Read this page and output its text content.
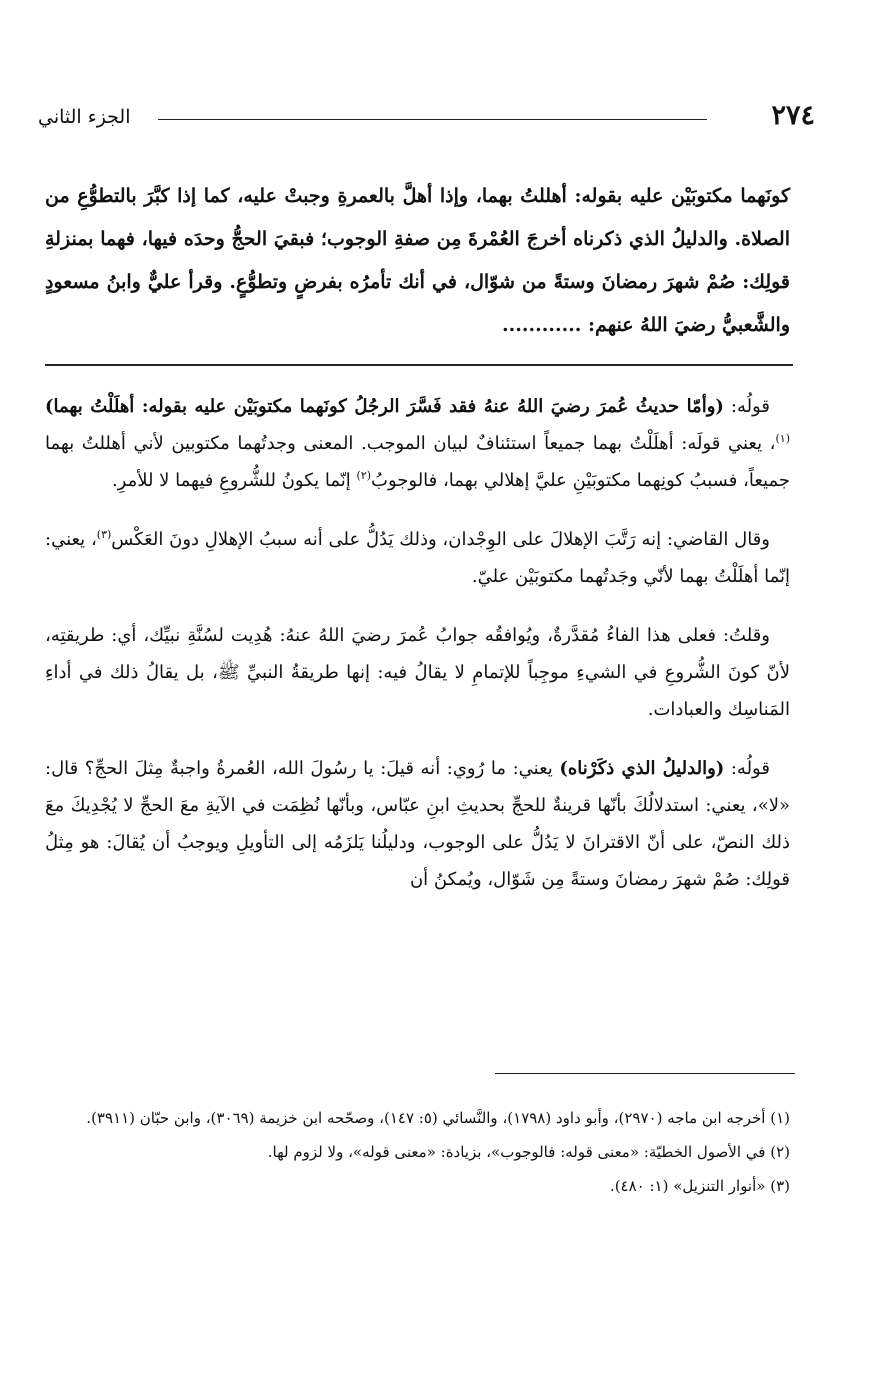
٢٧٤
الجزء الثاني

كونَهما مكتوبَيْن عليه بقوله: أهللتُ بهما، وإذا أهلَّ بالعمرةِ وجبتْ عليه، كما إذا كبَّرَ بالتطوُّعِ من الصلاة. والدليلُ الذي ذكرناه أخرجَ العُمْرةَ مِن صفةِ الوجوب؛ فبقيَ الحجُّ وحدَه فيها، فهما بمنزلةِ قولِك: صُمْ شهرَ رمضانَ وستةً من شوّال، في أنك تأمرُه بفرضٍ وتطوُّعٍ. وقرأ عليٌّ وابنُ مسعودٍ والشَّعبيُّ رضيَ اللهُ عنهم: ............

قولُه: (وأمّا حديثُ عُمرَ رضيَ اللهُ عنهُ فقد فَسَّرَ الرجُلُ كونَهما مكتوبَيْن عليه بقوله: أهلَلْتُ بهما)$^{(١)}$، يعني قولَه: أهلَلْتُ بهما جميعاً استئنافٌ لبيان الموجب. المعنى وجدتُهما مكتوبين لأني أهللتُ بهما جميعاً، فسببُ كونِهما مكتوبَيْنِ عليَّ إهلالي بهما، فالوجوبُ$^{(٢)}$ إنّما يكونُ للشُّروعِ فيهما لا للأمرِ.

وقال القاضي: إنه رَتَّبَ الإهلالَ على الوِجْدان، وذلك يَدُلُّ على أنه سببُ الإهلالِ دونَ العَكْس$^{(٣)}$، يعني: إنّما أهلَلْتُ بهما لأنّي وجَدتُهما مكتوبَيْن عليّ.

وقلتُ: فعلى هذا الفاءُ مُقدَّرةٌ، ويُوافقُه جوابُ عُمرَ رضيَ اللهُ عنهُ: هُدِيت لسُنَّةِ نبيِّك، أي: طريقتِه، لأنّ كونَ الشُّروعِ في الشيءِ موجِباً للإتمامِ لا يقالُ فيه: إنها طريقةُ النبيِّ ﷺ، بل يقالُ ذلك في أداءِ المَناسِك والعبادات.

قولُه: (والدليلُ الذي ذكَرْناه) يعني: ما رُوي: أنه قيلَ: يا رسُولَ الله، العُمرةُ واجبةٌ مِثلَ الحجِّ؟ قال: «لا»، يعني: استدلالُكَ بأنّها قرينةٌ للحجِّ بحديثِ ابنِ عبّاس، وبأنّها نُظِمَت في الآيةِ معَ الحجِّ لا يُجْدِيكَ معَ ذلك النصّ، على أنّ الاقترانَ لا يَدُلُّ على الوجوب، ودليلُنا يَلزَمُه إلى التأويلِ ويوجبُ أن يُقالَ: هو مِثلُ قولِك: صُمْ شهرَ رمضانَ وستةً مِن شَوّال، ويُمكنُ أن

(١) أخرجه ابن ماجه (٢٩٧٠)، وأبو داود (١٧٩٨)، والنَّسائي (٥: ١٤٧)، وصحّحه ابن خزيمة (٣٠٦٩)، وابن حبّان (٣٩١١).

(٢) في الأصول الخطيّة: «معنى قوله: فالوجوب»، بزيادة: «معنى قوله»، ولا لزوم لها.

(٣) «أنوار التنزيل» (١: ٤٨٠).
